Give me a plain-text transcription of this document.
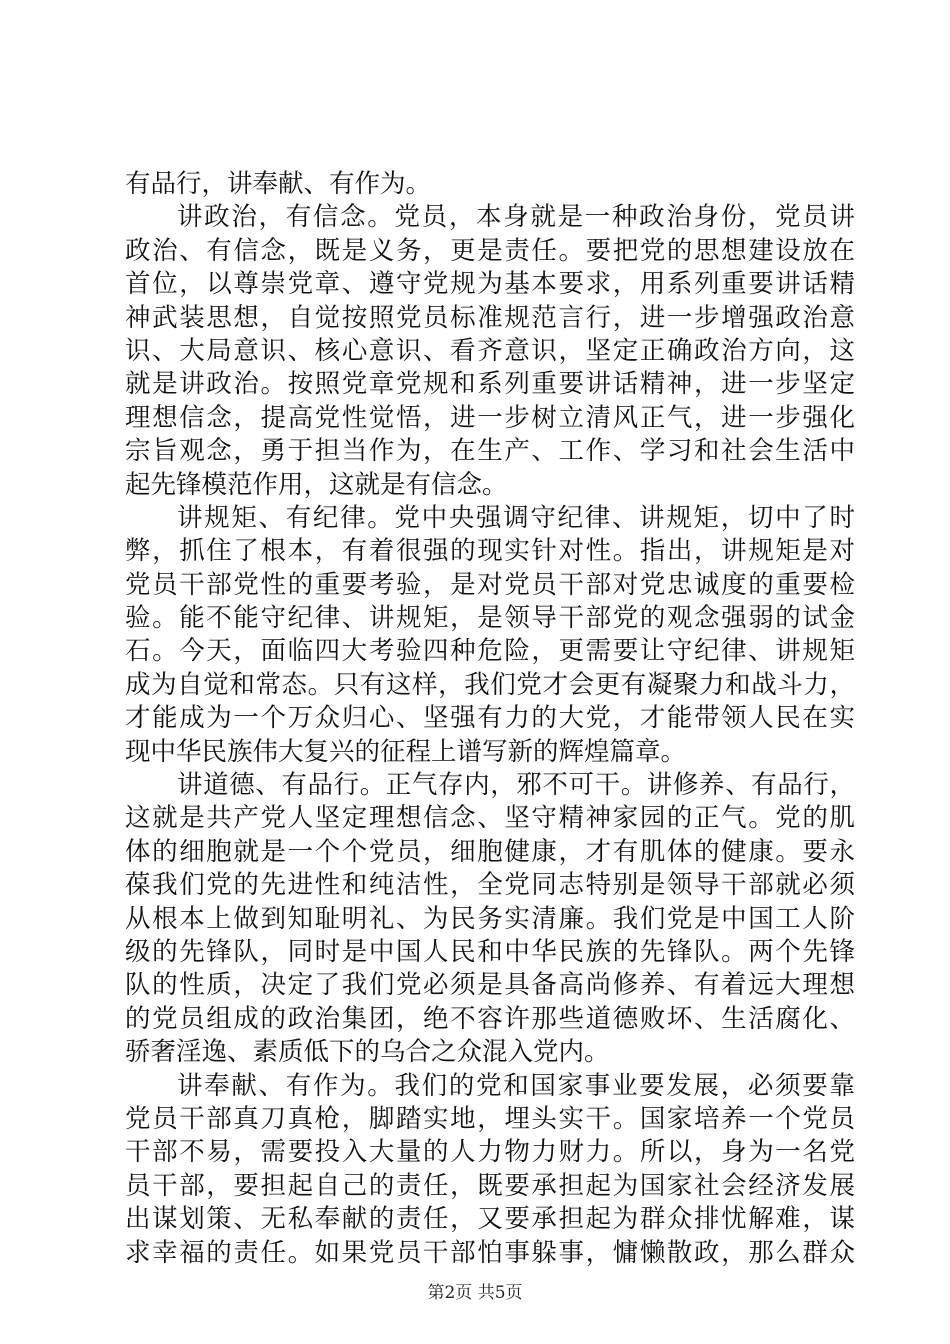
有品行，讲奉献、有作为。
讲政治，有信念。党员，本身就是一种政治身份，党员讲
政治、有信念，既是义务，更是责任。要把党的思想建设放在
首位，以尊崇党章、遵守党规为基本要求，用系列重要讲话精
神武装思想，自觉按照党员标准规范言行，进一步增强政治意
识、大局意识、核心意识、看齐意识，坚定正确政治方向，这
就是讲政治。按照党章党规和系列重要讲话精神，进一步坚定
理想信念，提高党性觉悟，进一步树立清风正气，进一步强化
宗旨观念，勇于担当作为，在生产、工作、学习和社会生活中
起先锋模范作用，这就是有信念。
讲规矩、有纪律。党中央强调守纪律、讲规矩，切中了时
弊，抓住了根本，有着很强的现实针对性。指出，讲规矩是对
党员干部党性的重要考验，是对党员干部对党忠诚度的重要检
验。能不能守纪律、讲规矩，是领导干部党的观念强弱的试金
石。今天，面临四大考验四种危险，更需要让守纪律、讲规矩
成为自觉和常态。只有这样，我们党才会更有凝聚力和战斗力，
才能成为一个万众归心、坚强有力的大党，才能带领人民在实
现中华民族伟大复兴的征程上谱写新的辉煌篇章。
讲道德、有品行。正气存内，邪不可干。讲修养、有品行，
这就是共产党人坚定理想信念、坚守精神家园的正气。党的肌
体的细胞就是一个个党员，细胞健康，才有肌体的健康。要永
葆我们党的先进性和纯洁性，全党同志特别是领导干部就必须
从根本上做到知耻明礼、为民务实清廉。我们党是中国工人阶
级的先锋队，同时是中国人民和中华民族的先锋队。两个先锋
队的性质，决定了我们党必须是具备高尚修养、有着远大理想
的党员组成的政治集团，绝不容许那些道德败坏、生活腐化、
骄奢淫逸、素质低下的乌合之众混入党内。
讲奉献、有作为。我们的党和国家事业要发展，必须要靠
党员干部真刀真枪，脚踏实地，埋头实干。国家培养一个党员
干部不易，需要投入大量的人力物力财力。所以，身为一名党
员干部，要担起自己的责任，既要承担起为国家社会经济发展
出谋划策、无私奉献的责任，又要承担起为群众排忧解难，谋
求幸福的责任。如果党员干部怕事躲事，慵懒散政，那么群众
第2页 共5页
